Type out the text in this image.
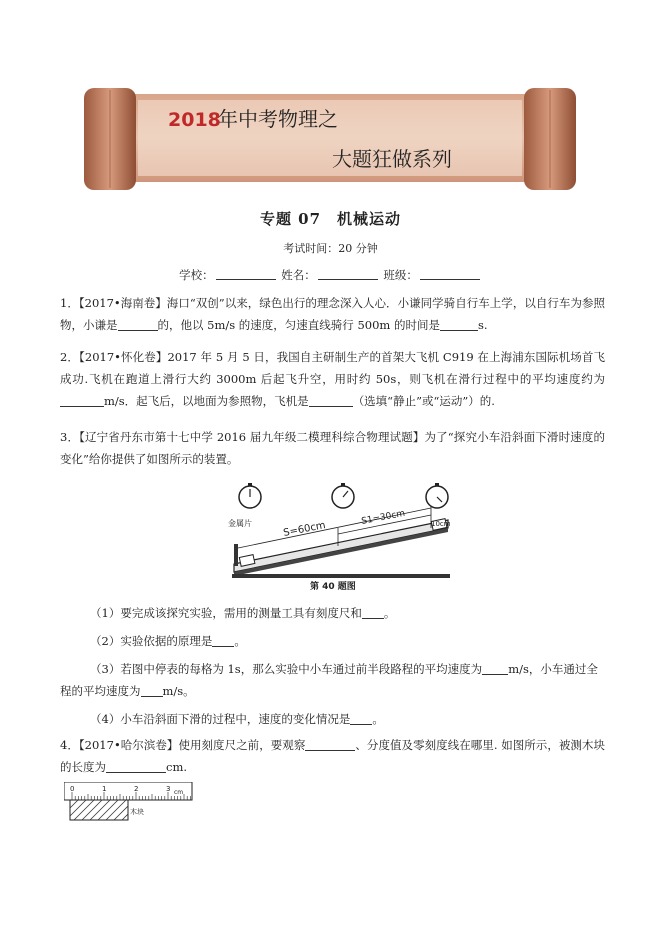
2018
年中考物理之
大题狂做系列
专题 07　机械运动
考试时间：20 分钟
学校：	姓名：	班级：
1．【2017•海南卷】海口“双创”以来，绿色出行的理念深入人心．小谦同学骑自行车上学，以自行车为参照物，小谦是	的，他以 5m/s 的速度，匀速直线骑行 500m 的时间是	s.
2．【2017•怀化卷】2017 年 5 月 5 日，我国自主研制生产的首架大飞机 C919 在上海浦东国际机场首飞成功.飞机在跑道上滑行大约 3000m 后起飞升空，用时约 50s，则飞机在滑行过程中的平均速度约为m/s．起飞后，以地面为参照物，飞机是	（选填“静止”或“运动”）的.
3．【辽宁省丹东市第十七中学 2016 届九年级二模理科综合物理试题】为了“探究小车沿斜面下滑时速度的变化”给你提供了如图所示的装置。
金属片	S=60cm
S1=30cm	10cm
第 40 题图
（1）要完成该探究实验，需用的测量工具有刻度尺和 。
（2）实验依据的原理是 。
（3）若图中停表的每格为 1s，那么实验中小车通过前半段路程的平均速度为 m/s，小车通过全程的平均速度为 m/s。
（4）小车沿斜面下滑的过程中，速度的变化情况是 。
4．【2017•哈尔滨卷】使用刻度尺之前，要观察	、分度值及零刻度线在哪里. 如图所示，被测木块的长度为	cm.
0	1	2	3 cm
木块
